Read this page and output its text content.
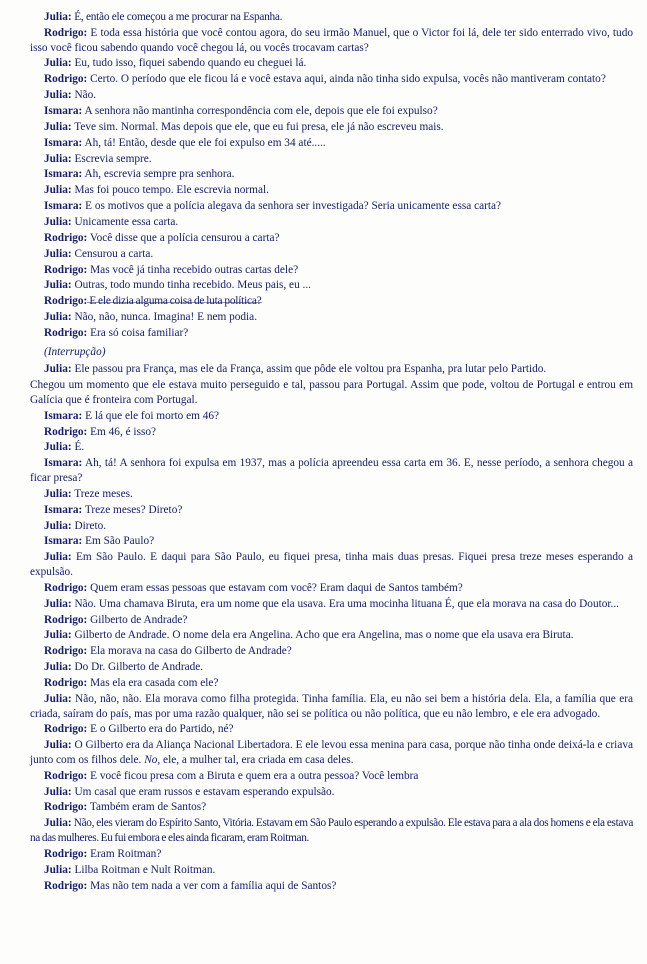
Julia: É, então ele começou a me procurar na Espanha.

Rodrigo: E toda essa história que você contou agora, do seu irmão Manuel, que o Victor foi lá, dele ter sido enterrado vivo, tudo isso você ficou sabendo quando você chegou lá, ou vocês trocavam cartas?

Julia: Eu, tudo isso, fiquei sabendo quando eu cheguei lá.

Rodrigo: Certo. O período que ele ficou lá e você estava aqui, ainda não tinha sido expulsa, vocês não mantiveram contato?

Julia: Não.

Ismara: A senhora não mantinha correspondência com ele, depois que ele foi expulso?

Julia: Teve sim. Normal. Mas depois que ele, que eu fui presa, ele já não escreveu mais.

Ismara: Ah, tá! Então, desde que ele foi expulso em 34 até.....

Julia: Escrevia sempre.

Ismara: Ah, escrevia sempre pra senhora.

Julia: Mas foi pouco tempo. Ele escrevia normal.

Ismara: E os motivos que a polícia alegava da senhora ser investigada? Seria unicamente essa carta?

Julia: Unicamente essa carta.

Rodrigo: Você disse que a polícia censurou a carta?

Julia: Censurou a carta.

Rodrigo: Mas você já tinha recebido outras cartas dele?

Julia: Outras, todo mundo tinha recebido. Meus pais, eu ...

Rodrigo: E ele dizia alguma coisa de luta política?

Julia: Não, não, nunca. Imagina! E nem podia.

Rodrigo: Era só coisa familiar?

(Interrupção)

Julia: Ele passou pra França, mas ele da França, assim que pôde ele voltou pra Espanha, pra lutar pelo Partido.

Chegou um momento que ele estava muito perseguido e tal, passou para Portugal. Assim que pode, voltou de Portugal e entrou em Galícia que é fronteira com Portugal.

Ismara: E lá que ele foi morto em 46?

Rodrigo: Em 46, é isso?

Julia: É.

Ismara: Ah, tá! A senhora foi expulsa em 1937, mas a polícia apreendeu essa carta em 36. E, nesse período, a senhora chegou a ficar presa?

Julia: Treze meses.

Ismara: Treze meses? Direto?

Julia: Direto.

Ismara: Em São Paulo?

Julia: Em São Paulo. E daqui para São Paulo, eu fiquei presa, tinha mais duas presas. Fiquei presa treze meses esperando a expulsão.

Rodrigo: Quem eram essas pessoas que estavam com você? Eram daqui de Santos também?

Julia: Não. Uma chamava Biruta, era um nome que ela usava. Era uma mocinha lituana É, que ela morava na casa do Doutor...

Rodrigo: Gilberto de Andrade?

Julia: Gilberto de Andrade. O nome dela era Angelina. Acho que era Angelina, mas o nome que ela usava era Biruta.

Rodrigo: Ela morava na casa do Gilberto de Andrade?

Julia: Do Dr. Gilberto de Andrade.

Rodrigo: Mas ela era casada com ele?

Julia: Não, não, não. Ela morava como filha protegida. Tinha família. Ela, eu não sei bem a história dela. Ela, a família que era criada, saíram do país, mas por uma razão qualquer, não sei se política ou não política, que eu não lembro, e ele era advogado.

Rodrigo: E o Gilberto era do Partido, né?

Julia: O Gilberto era da Aliança Nacional Libertadora. E ele levou essa menina para casa, porque não tinha onde deixá-la e criava junto com os filhos dele. No, ele, a mulher tal, era criada em casa deles.

Rodrigo: E você ficou presa com a Biruta e quem era a outra pessoa? Você lembra

Julia: Um casal que eram russos e estavam esperando expulsão.

Rodrigo: Também eram de Santos?

Julia: Não, eles vieram do Espírito Santo, Vitória. Estavam em São Paulo esperando a expulsão. Ele estava para a ala dos homens e ela estava na das mulheres. Eu fui embora e eles ainda ficaram, eram Roitman.

Rodrigo: Eram Roitman?

Julia: Lilba Roitman e Nult Roitman.

Rodrigo: Mas não tem nada a ver com a família aqui de Santos?
